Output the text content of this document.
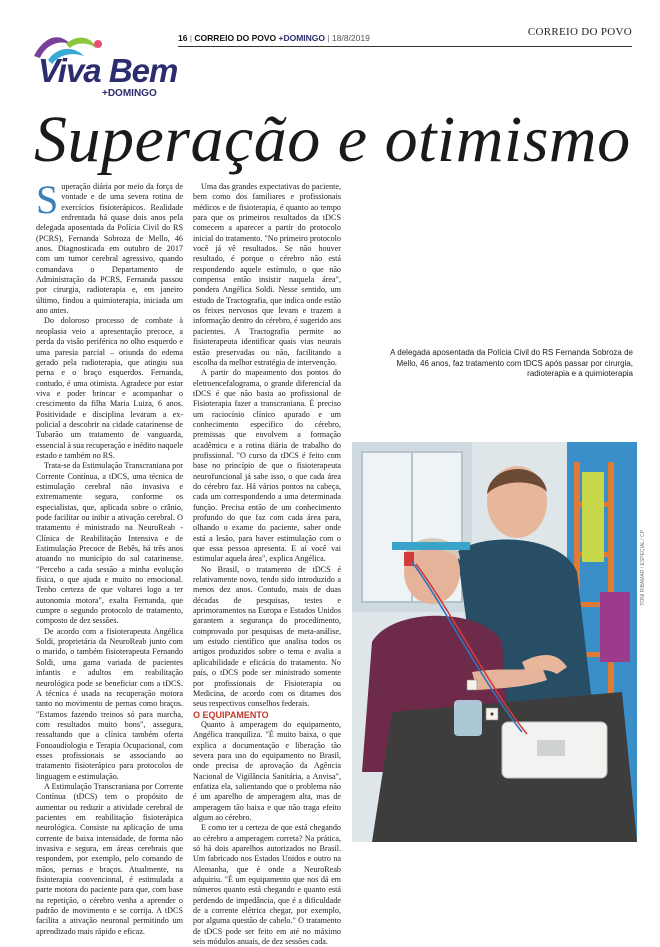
16 | CORREIO DO POVO +DOMINGO | 18/8/2019	CORREIO DO POVO
Viva Bem
+DOMINGO
Superação e otimismo

Superação diária por meio da força de vontade e de uma severa rotina de exercícios fisioterápicos. Realidade enfrentada há quase dois anos pela delegada aposentada da Polícia Civil do RS (PCRS), Fernanda Sobroza de Mello, 46 anos. Diagnosticada em outubro de 2017 com um tumor cerebral agressivo, quando comandava o Departamento de Administração da PCRS, Fernanda passou por cirurgia, radioterapia e, em janeiro último, findou a quimioterapia, iniciada um ano antes.

Do doloroso processo de combate à neoplasia veio a apresentação precoce, a perda da visão periférica no olho esquerdo e uma paresia parcial – oriunda do edema gerado pela radioterapia, que atingiu sua perna e o braço esquerdos. Fernanda, contudo, é uma otimista. Agradece por estar viva e poder brincar e acompanhar o crescimento da filha Maria Luiza, 6 anos. Positividade e disciplina levaram a ex-policial a descobrir na cidade catarinense de Tubarão um tratamento de vanguarda, essencial à sua recuperação e inédito naquele estado e também no RS.

Trata-se da Estimulação Transcraniana por Corrente Contínua, a tDCS, uma técnica de estimulação cerebral não invasiva e extremamente segura, conforme os especialistas, que, aplicada sobre o crânio, pode facilitar ou inibir a ativação cerebral. O tratamento é ministrado na NeuroReab - Clínica de Reabilitação Intensiva e de Estimulação Precoce de Bebês, há três anos atuando no município do sul catarinense. "Percebo a cada sessão a minha evolução física, o que ajuda e muito no emocional. Tenho certeza de que voltarei logo a ter autonomia motora", exalta Fernanda, que cumpre o segundo protocolo de tratamento, composto de dez sessões.

De acordo com a fisioterapeuta Angélica Soldi, proprietária da NeuroReab junto com o marido, o também fisioterapeuta Fernando Soldi, uma gama variada de pacientes infantis e adultos em reabilitação neurológica pode se beneficiar com a tDCS. A técnica é usada na recuperação motora tanto no movimento de pernas como braços. "Estamos fazendo treinos só para marcha, com resultados muito bons", assegura, ressaltando que a clínica também oferta Fonoaudiologia e Terapia Ocupacional, com esses profissionais se associando ao tratamento fisioterápico para protocolos de linguagem e estimulação.

A Estimulação Transcraniana por Corrente Contínua (tDCS) tem o propósito de aumentar ou reduzir a atividade cerebral de pacientes em reabilitação fisioterápica neurológica. Consiste na aplicação de uma corrente de baixa intensidade, de forma não invasiva e segura, em áreas cerebrais que respondem, por exemplo, pelo comando de mãos, pernas e braços. Atualmente, na fisioterapia convencional, é estimulada a parte motora do paciente para que, com base na repetição, o cérebro venha a aprender o padrão de movimento e se corrija. A tDCS facilita a ativação neuronal permitindo um aprendizado mais rápido e eficaz.

Uma das grandes expectativas do paciente, bem como dos familiares e profissionais médicos e de fisioterapia, é quanto ao tempo para que os primeiros resultados da tDCS comecem a aparecer a partir do protocolo inicial do tratamento. "No primeiro protocolo você já vê resultados. Se não houver resultado, é porque o cérebro não está respondendo aquele estímulo, o que não compensa então insistir naquela área", pondera Angélica Soldi. Nesse sentido, um estudo de Tractografia, que indica onde estão os feixes nervosos que levam e trazem a informação dentro do cérebro, é sugerido aos pacientes. A Tractografia permite ao fisioterapeuta identificar quais vias neurais estão preservadas ou não, facilitando a escolha da melhor estratégia de intervenção.

A partir do mapeamento dos pontos do eletroencefalograma, o grande diferencial da tDCS é que não basta ao profissional de Fisioterapia fazer a transcraniana. É preciso um raciocínio clínico apurado e um conhecimento específico do cérebro, premissas que envolvem a formação acadêmica e a rotina diária de trabalho do profissional. "O curso da tDCS é feito com base no princípio de que o fisioterapeuta neurofuncional já sabe isso, o que cada área do cérebro faz. Há vários pontos na cabeça, cada um correspondendo a uma determinada função. Precisa então de um conhecimento profundo do que faz com cada área para, olhando o exame do paciente, saber onde está a lesão, para haver estimulação com o que essa pessoa apresenta. E aí você vai estimular aquela área", explica Angélica.

No Brasil, o tratamento de tDCS é relativamente novo, tendo sido introduzido a menos dez anos. Contudo, mais de duas décadas de pesquisas, testes e aprimoramentos na Europa e Estados Unidos garantem a segurança do procedimento, comprovado por pesquisas de meta-análise, um estudo científico que analisa todos os artigos produzidos sobre o tema e avalia a aplicabilidade e eficácia do tratamento. No país, o tDCS pode ser ministrado somente por profissionais de Fisioterapia ou Medicina, de acordo com os ditames dos seus respectivos conselhos federais.

O EQUIPAMENTO

Quanto à amperagem do equipamento, Angélica tranquiliza. "É muito baixa, o que explica a documentação e liberação tão severa para uso do equipamento no Brasil, onde precisa de aprovação da Agência Nacional de Vigilância Sanitária, a Anvisa", enfatiza ela, salientando que o problema não é um aparelho de amperagem alta, mas de amperagem tão baixa e que não traga efeito algum ao cérebro.

E como ter a certeza de que está chegando ao cérebro a amperagem correta? Na prática, só há dois aparelhos autorizados no Brasil. Um fabricado nos Estados Unidos e outro na Alemanha, que é onde a NeuroReab adquiriu. "É um equipamento que nos dá em números quanto está chegando e quanto está perdendo de impedância, que é a dificuldade de a corrente elétrica chegar, por exemplo, por alguma questão de cabelo." O tratamento de tDCS pode ser feito em até no máximo seis módulos anuais, de dez sessões cada.

A delegada aposentada da Polícia Civil do RS Fernanda Sobroza de Mello, 46 anos, faz tratamento com tDCS após passar por cirurgia, radioterapia e a quimioterapia
TONI RIBAMAR / ESPECIAL / CP
